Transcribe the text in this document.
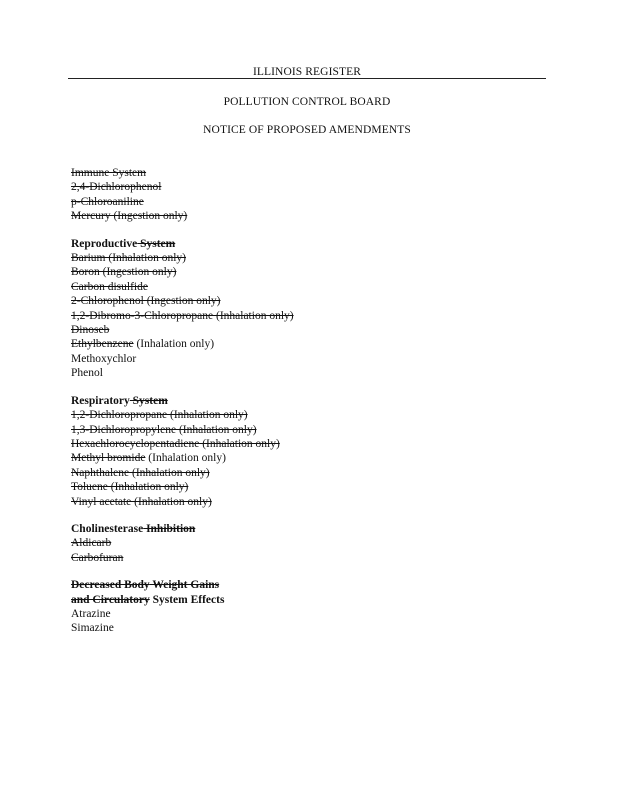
ILLINOIS REGISTER
POLLUTION CONTROL BOARD
NOTICE OF PROPOSED AMENDMENTS
Immune System
2,4-Dichlorophenol
p-Chloroaniline
Mercury (Ingestion only)
Reproductive System
Barium (Inhalation only)
Boron (Ingestion only)
Carbon disulfide
2-Chlorophenol (Ingestion only)
1,2-Dibromo-3-Chloropropane (Inhalation only)
Dinoseb
Ethylbenzene (Inhalation only)
Methoxychlor
Phenol
Respiratory System
1,2-Dichloropropane (Inhalation only)
1,3-Dichloropropylene (Inhalation only)
Hexachlorocyclopentadiene (Inhalation only)
Methyl bromide (Inhalation only)
Naphthalene (Inhalation only)
Toluene (Inhalation only)
Vinyl acetate (Inhalation only)
Cholinesterase Inhibition
Aldicarb
Carbofuran
Decreased Body Weight Gains
and Circulatory System Effects
Atrazine
Simazine
